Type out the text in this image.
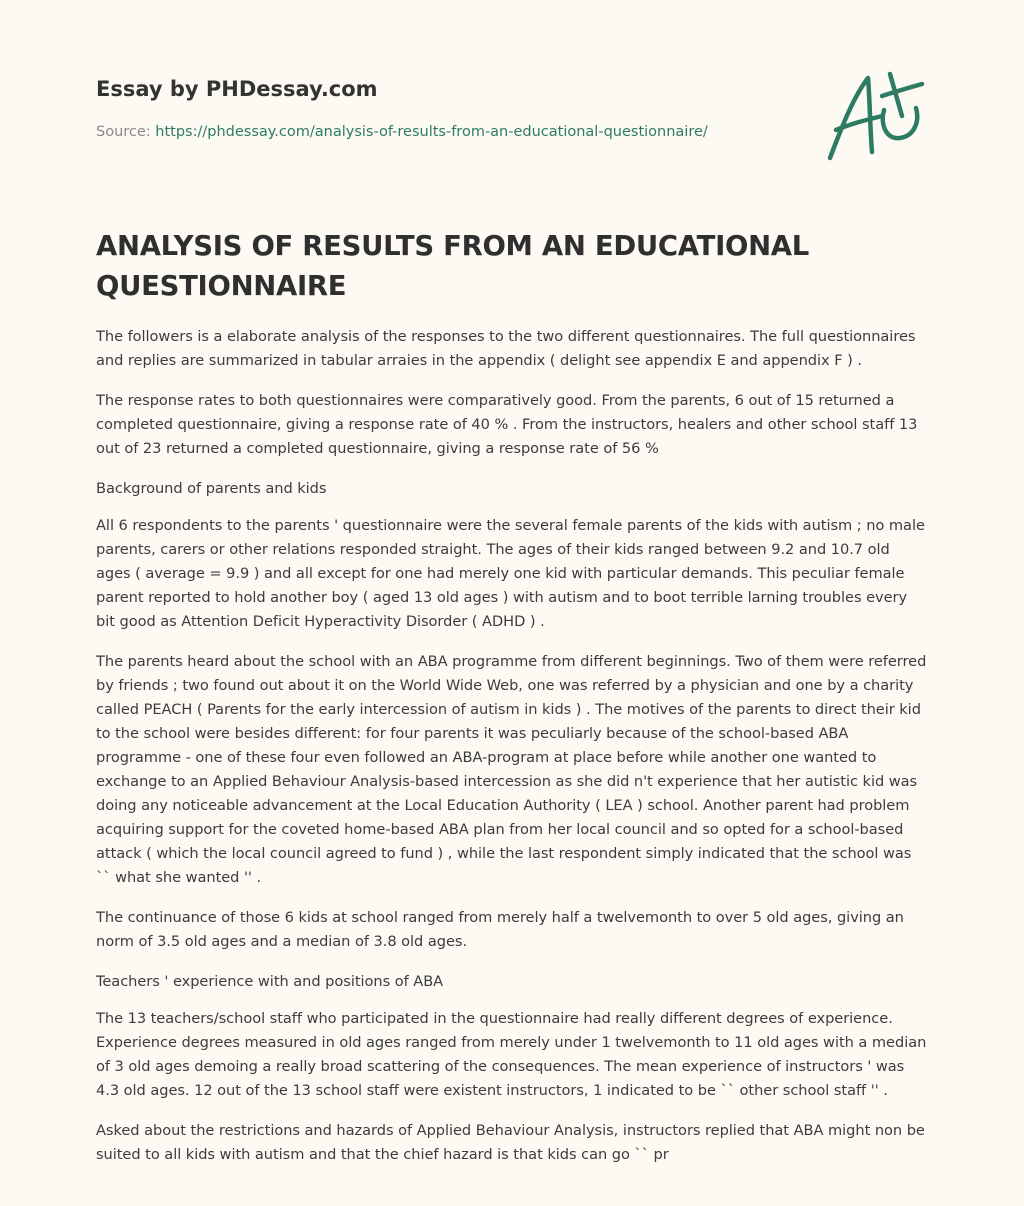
Essay by PHDessay.com

Source: https://phdessay.com/analysis-of-results-from-an-educational-questionnaire/
ANALYSIS OF RESULTS FROM AN EDUCATIONAL QUESTIONNAIRE

The followers is a elaborate analysis of the responses to the two different questionnaires. The full questionnaires and replies are summarized in tabular arraies in the appendix ( delight see appendix E and appendix F ) .

The response rates to both questionnaires were comparatively good. From the parents, 6 out of 15 returned a completed questionnaire, giving a response rate of 40 % . From the instructors, healers and other school staff 13 out of 23 returned a completed questionnaire, giving a response rate of 56 %

Background of parents and kids

All 6 respondents to the parents ' questionnaire were the several female parents of the kids with autism ; no male parents, carers or other relations responded straight. The ages of their kids ranged between 9.2 and 10.7 old ages ( average = 9.9 ) and all except for one had merely one kid with particular demands. This peculiar female parent reported to hold another boy ( aged 13 old ages ) with autism and to boot terrible larning troubles every bit good as Attention Deficit Hyperactivity Disorder ( ADHD ) .

The parents heard about the school with an ABA programme from different beginnings. Two of them were referred by friends ; two found out about it on the World Wide Web, one was referred by a physician and one by a charity called PEACH ( Parents for the early intercession of autism in kids ) . The motives of the parents to direct their kid to the school were besides different: for four parents it was peculiarly because of the school-based ABA programme - one of these four even followed an ABA-program at place before while another one wanted to exchange to an Applied Behaviour Analysis-based intercession as she did n't experience that her autistic kid was doing any noticeable advancement at the Local Education Authority ( LEA ) school. Another parent had problem acquiring support for the coveted home-based ABA plan from her local council and so opted for a school-based attack ( which the local council agreed to fund ) , while the last respondent simply indicated that the school was `` what she wanted '' .

The continuance of those 6 kids at school ranged from merely half a twelvemonth to over 5 old ages, giving an norm of 3.5 old ages and a median of 3.8 old ages.

Teachers ' experience with and positions of ABA

The 13 teachers/school staff who participated in the questionnaire had really different degrees of experience. Experience degrees measured in old ages ranged from merely under 1 twelvemonth to 11 old ages with a median of 3 old ages demoing a really broad scattering of the consequences. The mean experience of instructors ' was 4.3 old ages. 12 out of the 13 school staff were existent instructors, 1 indicated to be `` other school staff '' .

Asked about the restrictions and hazards of Applied Behaviour Analysis, instructors replied that ABA might non be suited to all kids with autism and that the chief hazard is that kids can go `` pr
